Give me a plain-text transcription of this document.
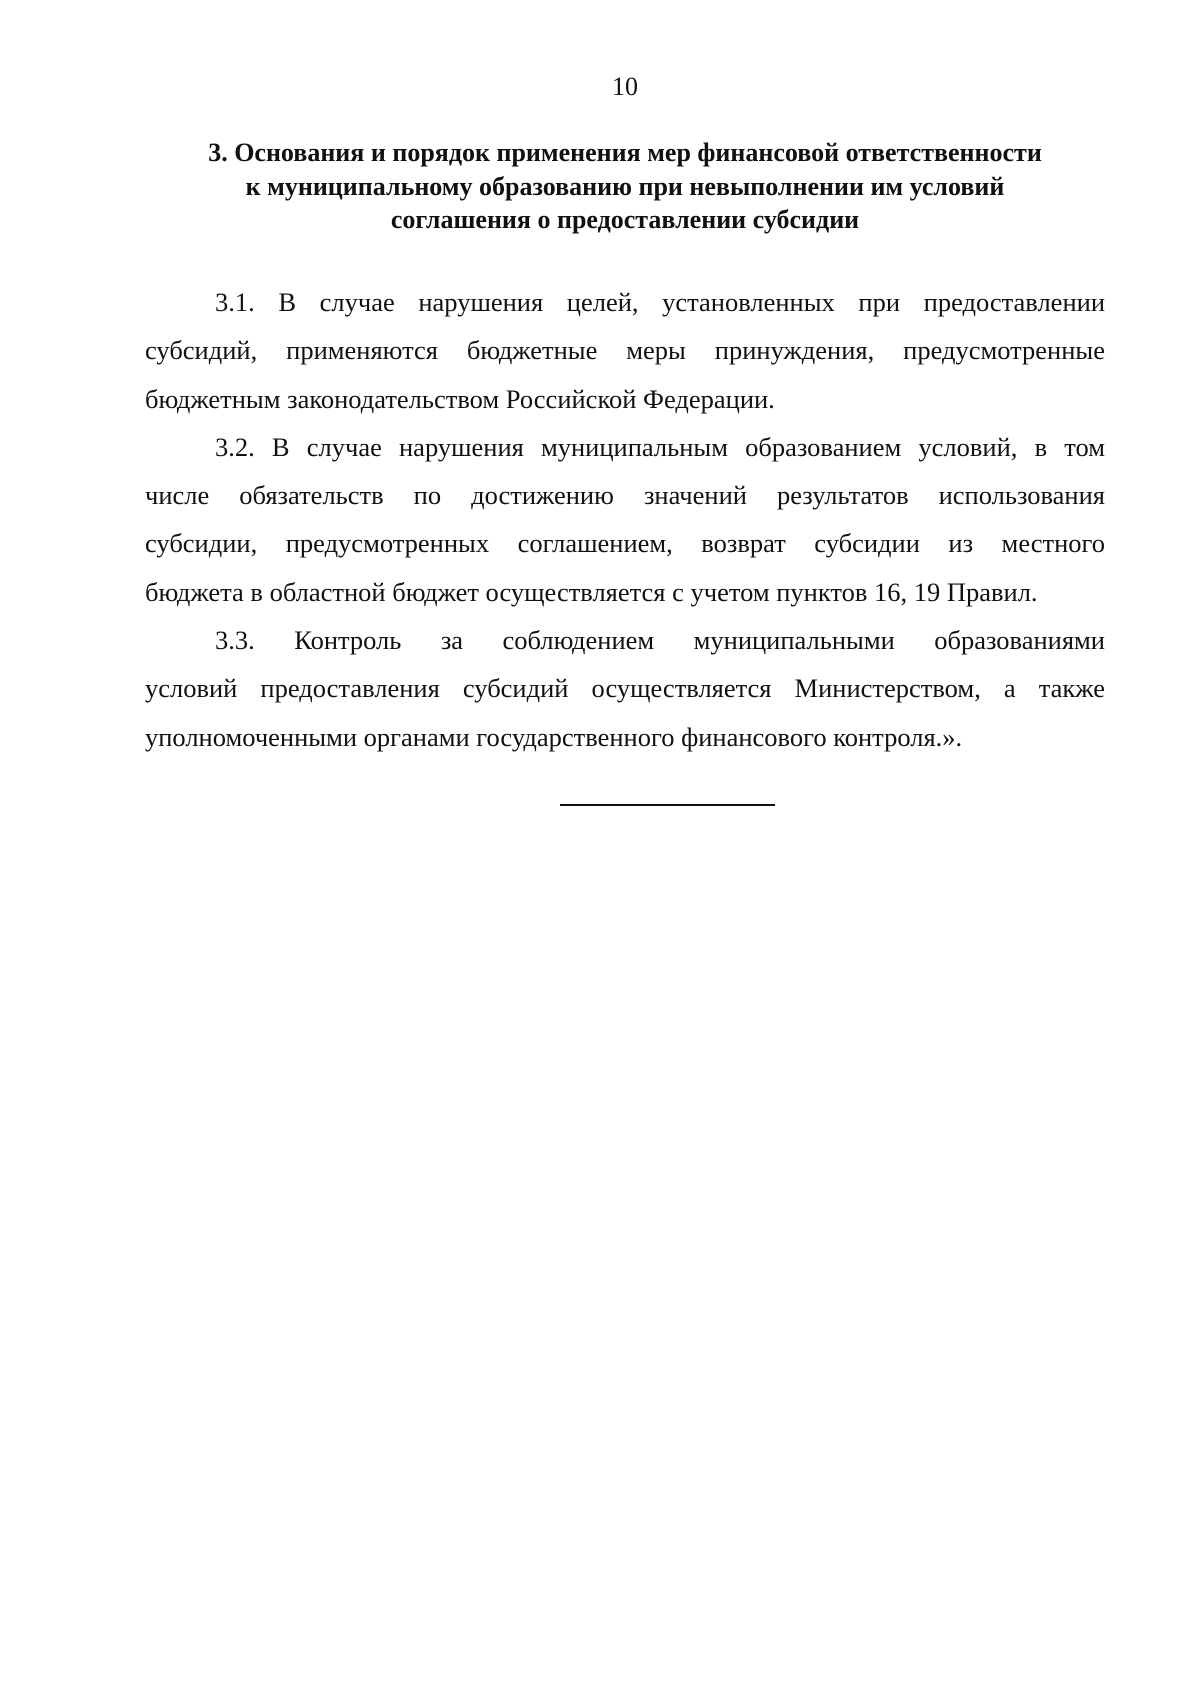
10
3. Основания и порядок применения мер финансовой ответственности
к муниципальному образованию при невыполнении им условий
соглашения о предоставлении субсидии

3.1. В случае нарушения целей, установленных при предоставлении
субсидий, применяются бюджетные меры принуждения, предусмотренные
бюджетным законодательством Российской Федерации.

3.2. В случае нарушения муниципальным образованием условий, в том
числе обязательств по достижению значений результатов использования
субсидии, предусмотренных соглашением, возврат субсидии из местного
бюджета в областной бюджет осуществляется с учетом пунктов 16, 19 Правил.

3.3. Контроль за соблюдением муниципальными образованиями
условий предоставления субсидий осуществляется Министерством, а также
уполномоченными органами государственного финансового контроля.».
